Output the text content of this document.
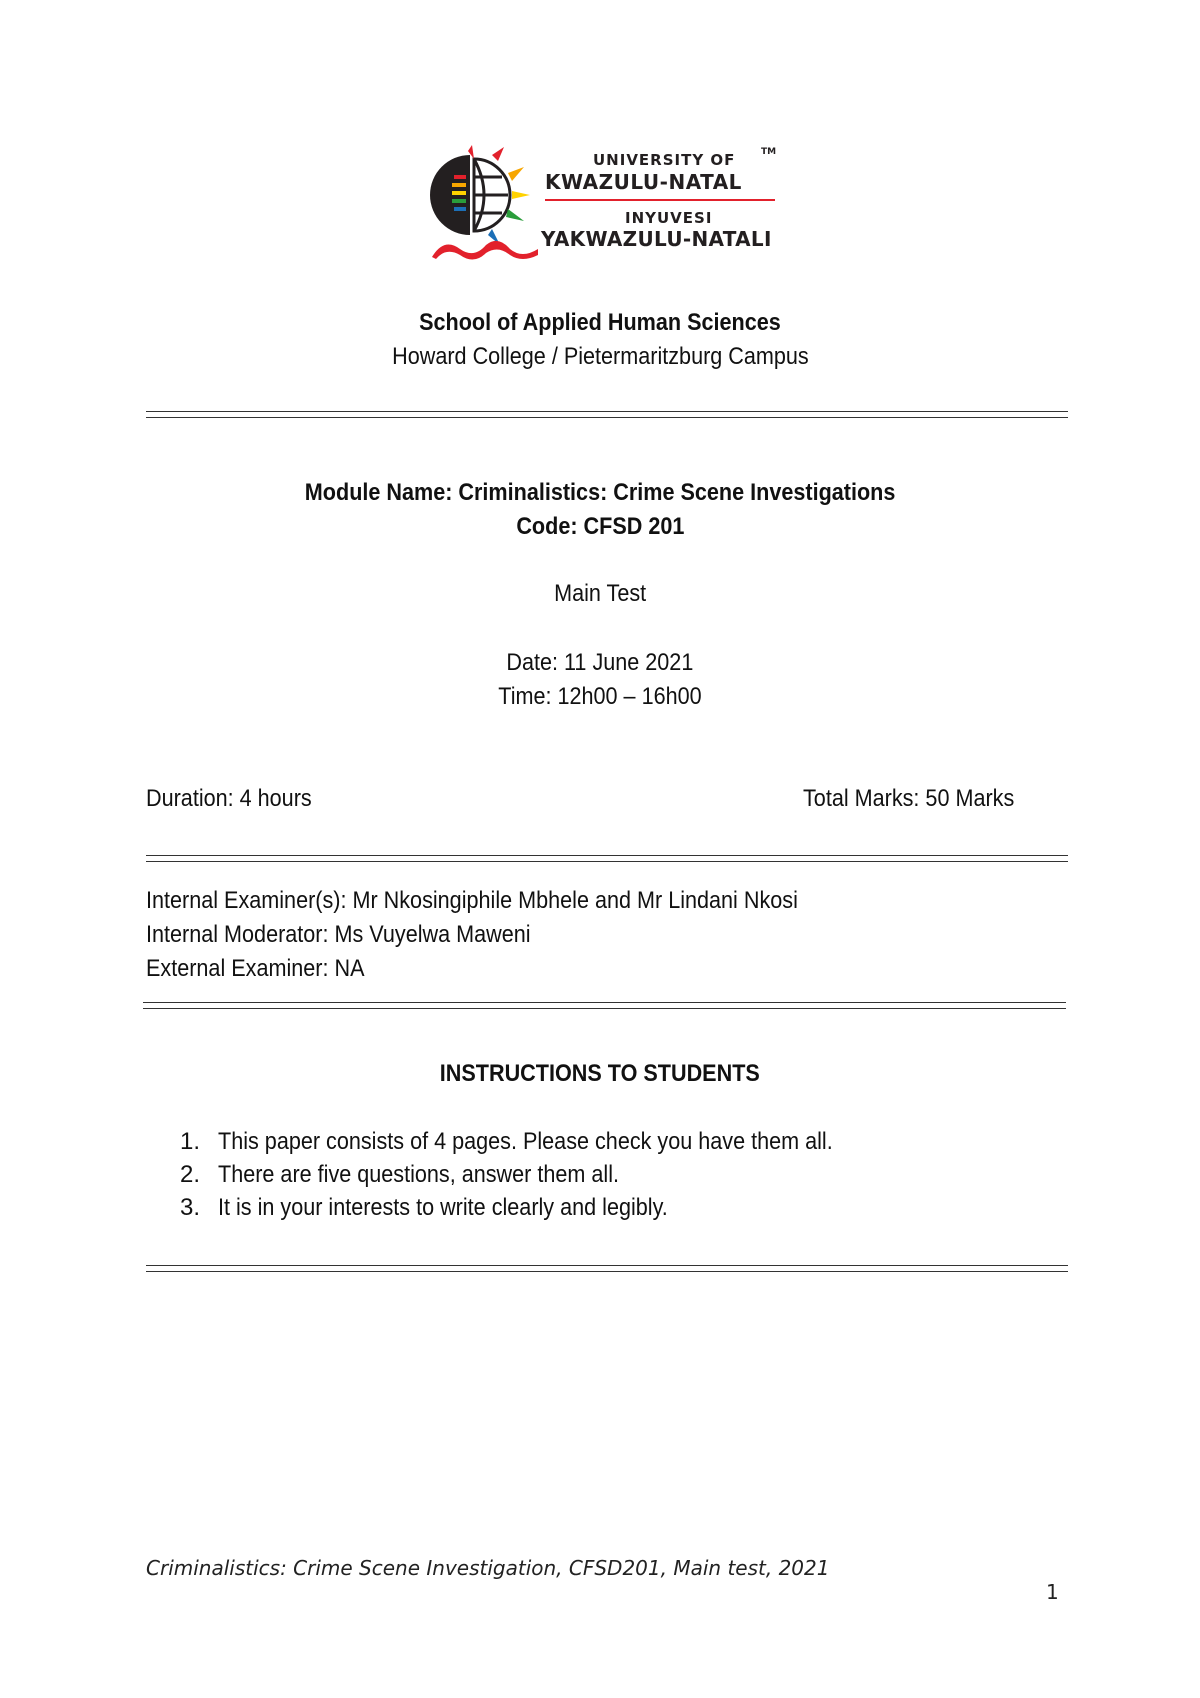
UNIVERSITY OF	TM
KWAZULU-NATAL
INYUVESI
YAKWAZULU-NATALI
School of Applied Human Sciences
Howard College / Pietermaritzburg Campus
Module Name: Criminalistics: Crime Scene Investigations
Code: CFSD 201
Main Test
Date: 11 June 2021
Time: 12h00 – 16h00
Duration: 4 hours	Total Marks: 50 Marks
Internal Examiner(s): Mr Nkosingiphile Mbhele and Mr Lindani Nkosi
Internal Moderator: Ms Vuyelwa Maweni
External Examiner: NA
INSTRUCTIONS TO STUDENTS
1. This paper consists of 4 pages. Please check you have them all.
2. There are five questions, answer them all.
3. It is in your interests to write clearly and legibly.
Criminalistics: Crime Scene Investigation, CFSD201, Main test, 2021
1
